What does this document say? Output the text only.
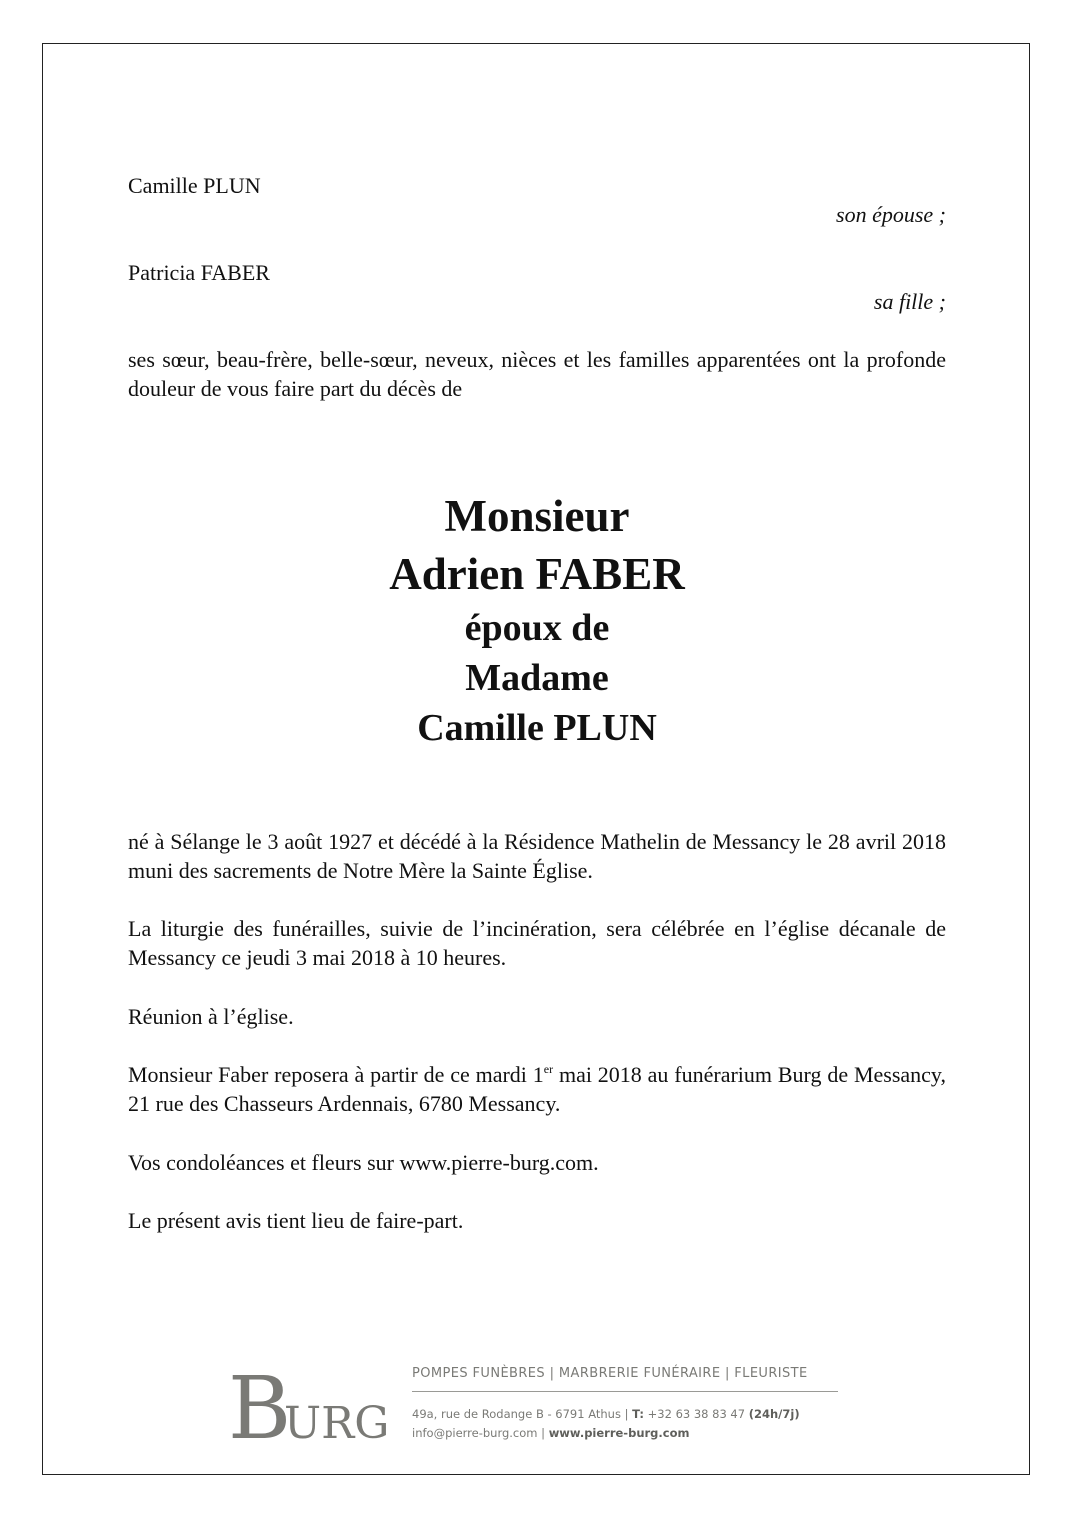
Camille PLUN

son épouse ;

Patricia FABER

sa fille ;

ses sœur, beau-frère, belle-sœur, neveux, nièces et les familles apparentées ont la profonde douleur de vous faire part du décès de

Monsieur
Adrien FABER
époux de
Madame
Camille PLUN

né à Sélange le 3 août 1927 et décédé à la Résidence Mathelin de Messancy le 28 avril 2018 muni des sacrements de Notre Mère la Sainte Église.

La liturgie des funérailles, suivie de l’incinération, sera célébrée en l’église décanale de Messancy ce jeudi 3 mai 2018 à 10 heures.

Réunion à l’église.

Monsieur Faber reposera à partir de ce mardi 1er mai 2018 au funérarium Burg de Messancy, 21 rue des Chasseurs Ardennais, 6780 Messancy.

Vos condoléances et fleurs sur www.pierre-burg.com.

Le présent avis tient lieu de faire-part.

B
URG
POMPES FUNÈBRES | MARBRERIE FUNÉRAIRE | FLEURISTE
49a, rue de Rodange B - 6791 Athus | T: +32 63 38 83 47 (24h/7j)
info@pierre-burg.com | www.pierre-burg.com
